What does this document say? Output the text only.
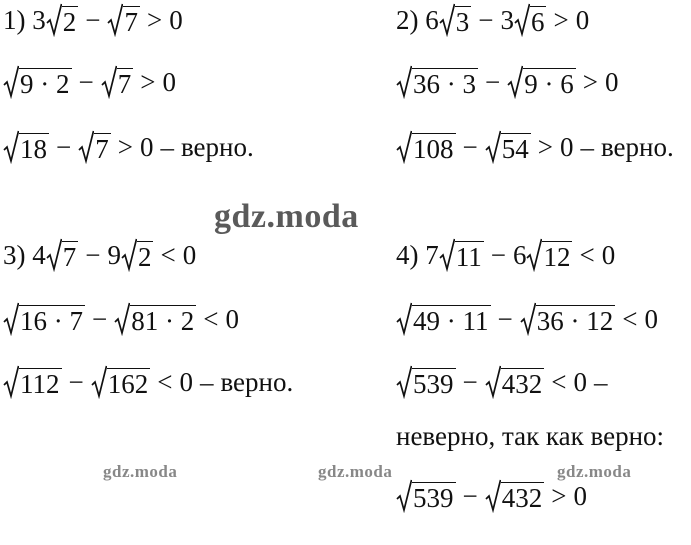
1) 3 2 − 7 > 0
9 · 2 − 7 > 0
18 − 7 > 0 – верно.
2) 6 3 − 3 6 > 0
36 · 3 − 9 · 6 > 0
108 − 54 > 0 – верно.
3) 4 7 − 9 2 < 0
16 · 7 − 81 · 2 < 0
112 − 162 < 0 – верно.
4) 7 11 − 6 12 < 0
49 · 11 − 36 · 12 < 0
539 − 432 < 0 –
неверно, так как верно:
539 − 432 > 0
gdz.moda
gdz.moda	gdz.moda	gdz.moda
